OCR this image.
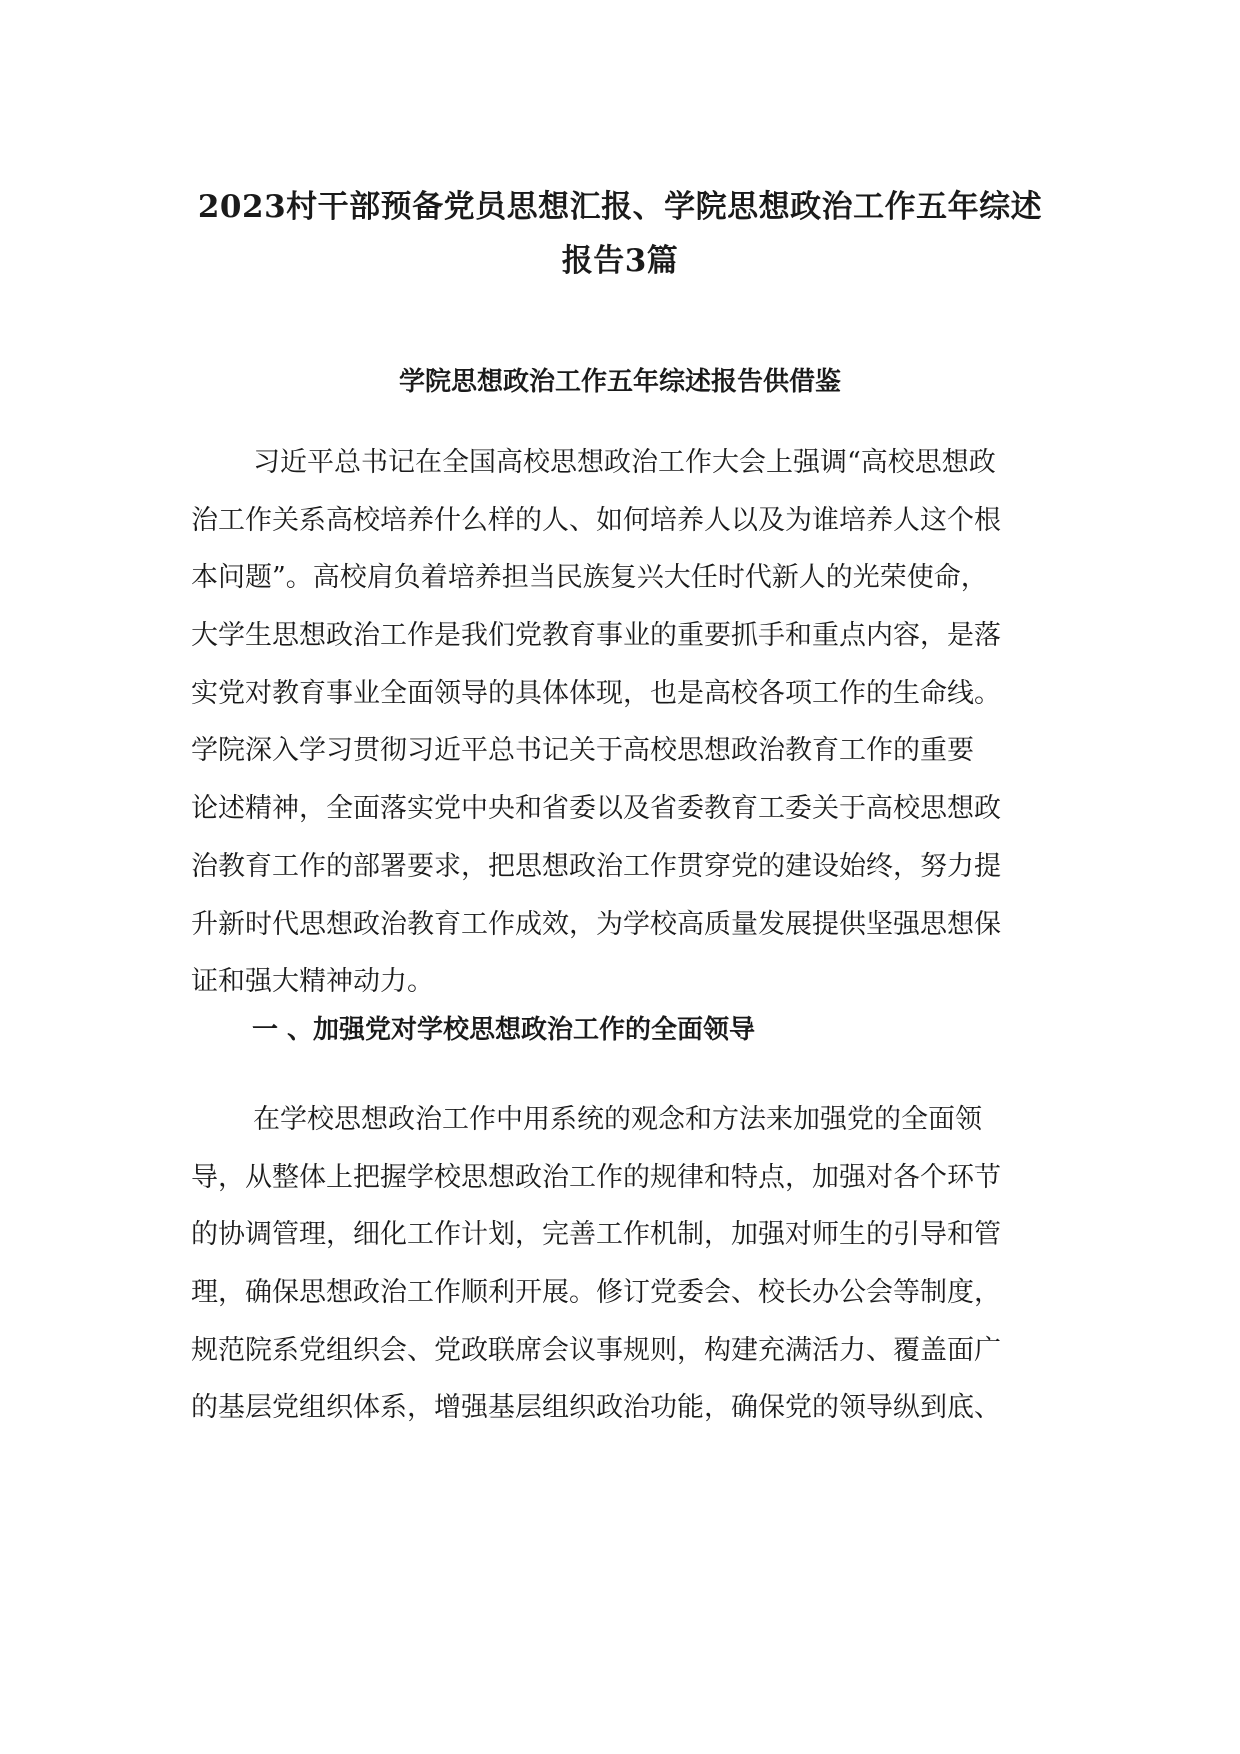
2023村干部预备党员思想汇报、学院思想政治工作五年综述
报告3篇
学院思想政治工作五年综述报告供借鉴
习近平总书记在全国高校思想政治工作大会上强调“高校思想政
治工作关系高校培养什么样的人、如何培养人以及为谁培养人这个根
本问题”。高校肩负着培养担当民族复兴大任时代新人的光荣使命，
大学生思想政治工作是我们党教育事业的重要抓手和重点内容，是落
实党对教育事业全面领导的具体体现，也是高校各项工作的生命线。
学院深入学习贯彻习近平总书记关于高校思想政治教育工作的重要
论述精神，全面落实党中央和省委以及省委教育工委关于高校思想政
治教育工作的部署要求，把思想政治工作贯穿党的建设始终，努力提
升新时代思想政治教育工作成效，为学校高质量发展提供坚强思想保
证和强大精神动力。
一 、加强党对学校思想政治工作的全面领导
在学校思想政治工作中用系统的观念和方法来加强党的全面领
导，从整体上把握学校思想政治工作的规律和特点，加强对各个环节
的协调管理，细化工作计划，完善工作机制，加强对师生的引导和管
理，确保思想政治工作顺利开展。修订党委会、校长办公会等制度，
规范院系党组织会、党政联席会议事规则，构建充满活力、覆盖面广
的基层党组织体系，增强基层组织政治功能，确保党的领导纵到底、
